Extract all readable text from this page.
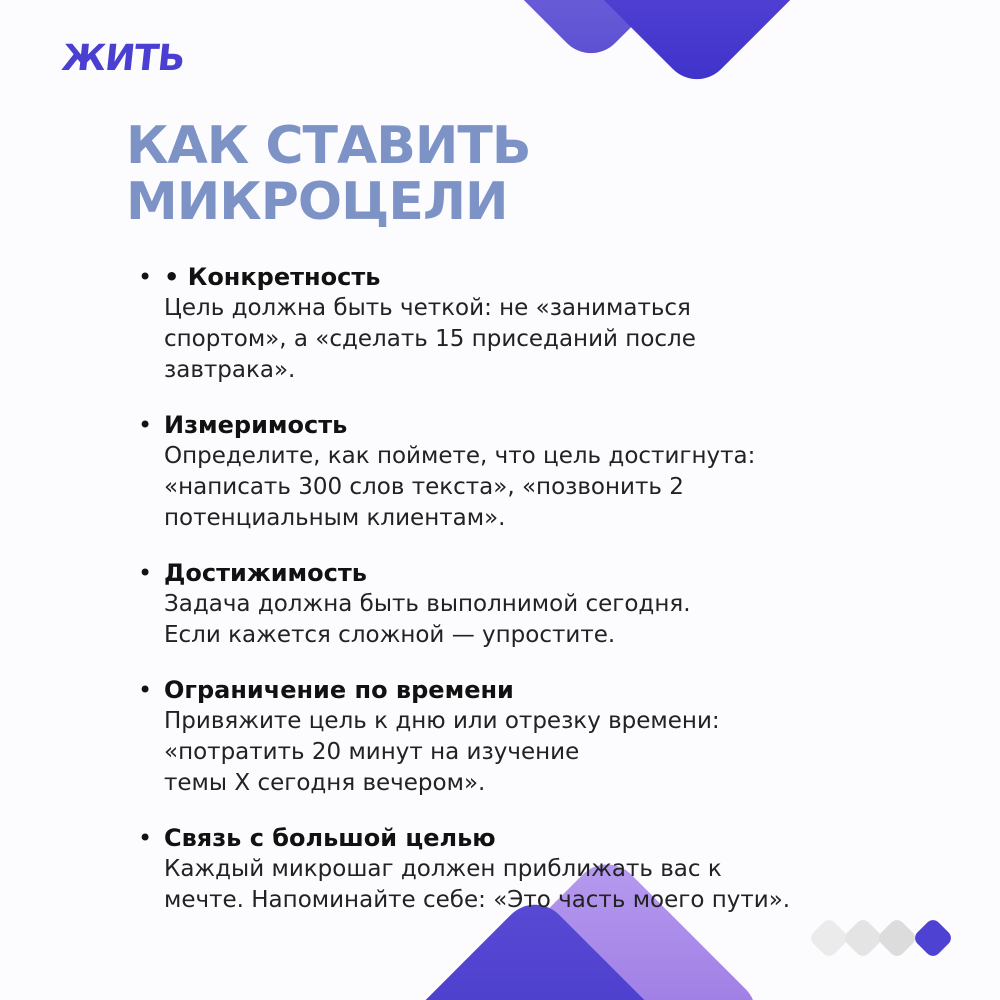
ЖИТЬ
КАК СТАВИТЬ
МИКРОЦЕЛИ
• • Конкретность
Цель должна быть четкой: не «заниматься
спортом», а «сделать 15 приседаний после
завтрака».
• Измеримость
Определите, как поймете, что цель достигнута:
«написать 300 слов текста», «позвонить 2
потенциальным клиентам».
• Достижимость
Задача должна быть выполнимой сегодня.
Если кажется сложной — упростите.
• Ограничение по времени
Привяжите цель к дню или отрезку времени:
«потратить 20 минут на изучение
темы X сегодня вечером».
• Связь с большой целью
Каждый микрошаг должен приближать вас к
мечте. Напоминайте себе: «Это часть моего пути».
